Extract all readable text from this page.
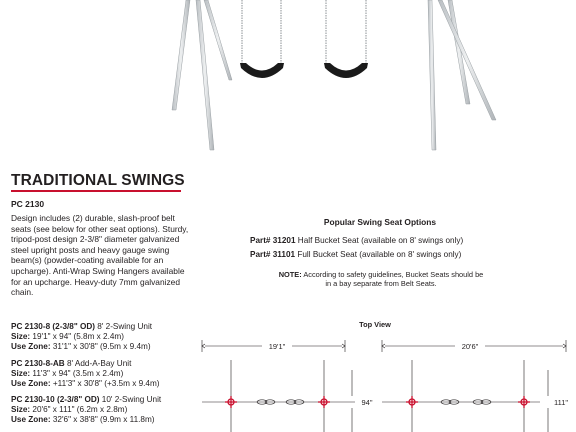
TRADITIONAL SWINGS
PC 2130
Design includes (2) durable, slash-proof belt seats (see below for other seat options). Sturdy, tripod-post design 2-3/8" diameter galvanized steel upright posts and heavy gauge swing beam(s) (powder-coating available for an upcharge). Anti-Wrap Swing Hangers available for an upcharge. Heavy-duty 7mm galvanized chain.
PC 2130-8 (2-3/8" OD) 8' 2-Swing Unit
Size: 19'1" x 94" (5.8m x 2.4m)
Use Zone: 31'1" x 30'8" (9.5m x 9.4m)
PC 2130-8-AB 8' Add-A-Bay Unit
Size: 11'3" x 94" (3.5m x 2.4m)
Use Zone: +11'3" x 30'8" (+3.5m x 9.4m)
PC 2130-10 (2-3/8" OD) 10' 2-Swing Unit
Size: 20'6" x 111" (6.2m x 2.8m)
Use Zone: 32'6" x 38'8" (9.9m x 11.8m)
Popular Swing Seat Options
Part# 31201 Half Bucket Seat (available on 8' swings only)
Part# 31101 Full Bucket Seat (available on 8' swings only)
NOTE: According to safety guidelines, Bucket Seats should be in a bay separate from Belt Seats.
Top View
19'1"	20'6"
94"	111"
